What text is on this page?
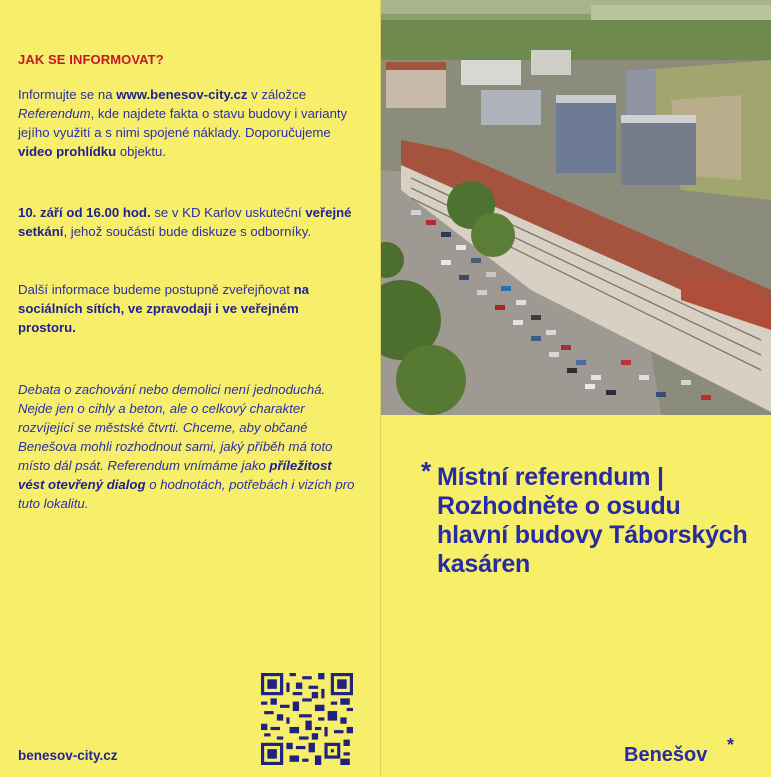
JAK SE INFORMOVAT?
Informujte se na www.benesov-city.cz v záložce Referendum, kde najdete fakta o stavu budovy i varianty jejího využití a s nimi spojené náklady. Doporučujeme video prohlídku objektu.
10. září od 16.00 hod. se v KD Karlov uskuteční veřejné setkání, jehož součástí bude diskuze s odborníky.
Další informace budeme postupně zveřejňovat na sociálních sítích, ve zpravodaji i ve veřejném prostoru.
Debata o zachování nebo demolici není jednoduchá. Nejde jen o cihly a beton, ale o celkový charakter rozvíjející se městské čtvrti. Chceme, aby občané Benešova mohli rozhodnout sami, jaký příběh má toto místo dál psát. Referendum vnímáme jako příležitost vést otevřený dialog o hodnotách, potřebách i vizích pro tuto lokalitu.
benesov-city.cz
* Místní referendum | Rozhodněte o osudu hlavní budovy Táborských kasáren
Benešov *
